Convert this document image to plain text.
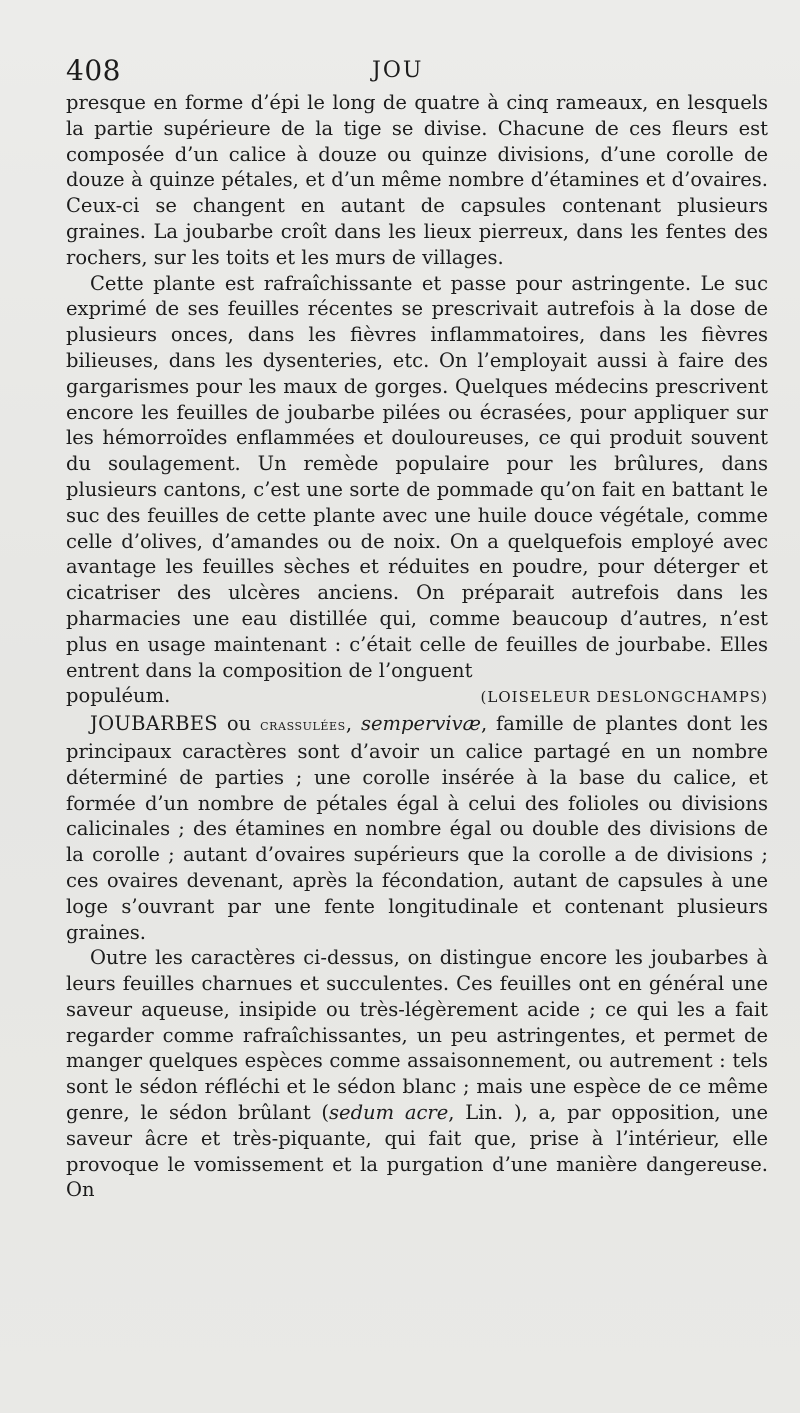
408	JOU

presque en forme d’épi le long de quatre à cinq rameaux, en lesquels la partie supérieure de la tige se divise. Chacune de ces fleurs est composée d’un calice à douze ou quinze divisions, d’une corolle de douze à quinze pétales, et d’un même nombre d’étamines et d’ovaires. Ceux-ci se changent en autant de capsules contenant plusieurs graines. La joubarbe croît dans les lieux pierreux, dans les fentes des rochers, sur les toits et les murs de villages.

Cette plante est rafraîchissante et passe pour astringente. Le suc exprimé de ses feuilles récentes se prescrivait autrefois à la dose de plusieurs onces, dans les fièvres inflammatoires, dans les fièvres bilieuses, dans les dysenteries, etc. On l’employait aussi à faire des gargarismes pour les maux de gorges. Quelques médecins prescrivent encore les feuilles de joubarbe pilées ou écrasées, pour appliquer sur les hémorroïdes enflammées et douloureuses, ce qui produit souvent du soulagement. Un remède populaire pour les brûlures, dans plusieurs cantons, c’est une sorte de pommade qu’on fait en battant le suc des feuilles de cette plante avec une huile douce végétale, comme celle d’olives, d’amandes ou de noix. On a quelquefois employé avec avantage les feuilles sèches et réduites en poudre, pour déterger et cicatriser des ulcères anciens. On préparait autrefois dans les pharmacies une eau distillée qui, comme beaucoup d’autres, n’est plus en usage maintenant : c’était celle de feuilles de jourbabe. Elles entrent dans la composition de l’onguent

populéum.	(LOISELEUR DESLONGCHAMPS)

JOUBARBES ou crassulées, sempervivæ, famille de plantes dont les principaux caractères sont d’avoir un calice partagé en un nombre déterminé de parties ; une corolle insérée à la base du calice, et formée d’un nombre de pétales égal à celui des folioles ou divisions calicinales ; des étamines en nombre égal ou double des divisions de la corolle ; autant d’ovaires supérieurs que la corolle a de divisions ; ces ovaires devenant, après la fécondation, autant de capsules à une loge s’ouvrant par une fente longitudinale et contenant plusieurs graines.

Outre les caractères ci-dessus, on distingue encore les joubarbes à leurs feuilles charnues et succulentes. Ces feuilles ont en général une saveur aqueuse, insipide ou très-légèrement acide ; ce qui les a fait regarder comme rafraîchissantes, un peu astringentes, et permet de manger quelques espèces comme assaisonnement, ou autrement : tels sont le sédon réfléchi et le sédon blanc ; mais une espèce de ce même genre, le sédon brûlant (sedum acre, Lin. ), a, par opposition, une saveur âcre et très-piquante, qui fait que, prise à l’intérieur, elle provoque le vomissement et la purgation d’une manière dangereuse. On
